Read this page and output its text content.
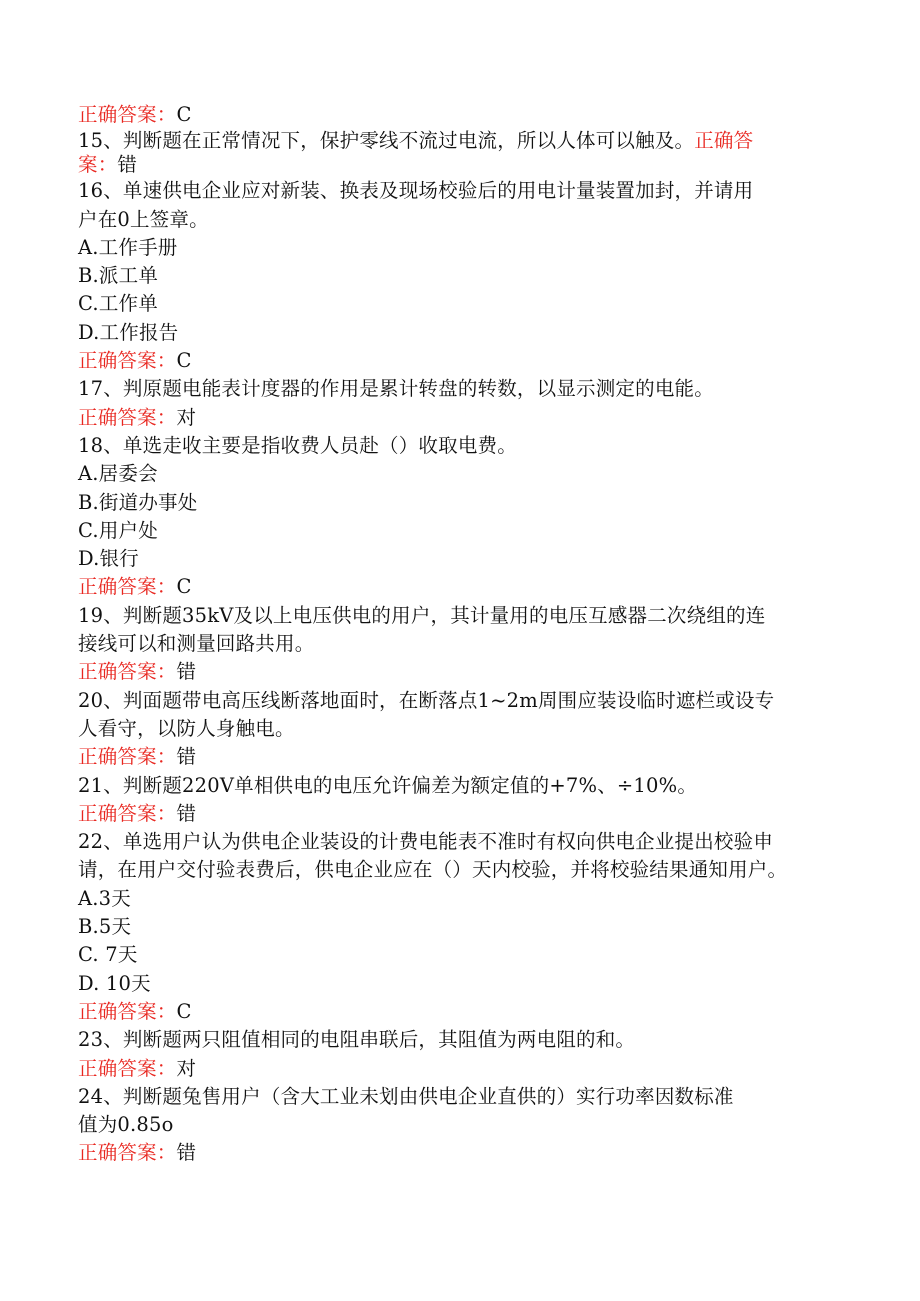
正确答案：C
15、判断题在正常情况下，保护零线不流过电流，所以人体可以触及。正确答
案：错
16、单速供电企业应对新装、换表及现场校验后的用电计量装置加封，并请用
户在0上签章。
A.工作手册
B.派工单
C.工作单
D.工作报告
正确答案：C
17、判原题电能表计度器的作用是累计转盘的转数，以显示测定的电能。
正确答案：对
18、单选走收主要是指收费人员赴（）收取电费。
A.居委会
B.街道办事处
C.用户处
D.银行
正确答案：C
19、判断题35kV及以上电压供电的用户，其计量用的电压互感器二次绕组的连
接线可以和测量回路共用。
正确答案：错
20、判面题带电高压线断落地面时，在断落点1~2m周围应装设临时遮栏或设专
人看守，以防人身触电。
正确答案：错
21、判断题220V单相供电的电压允许偏差为额定值的+7%、÷10%。
正确答案：错
22、单选用户认为供电企业装设的计费电能表不准时有权向供电企业提出校验申
请，在用户交付验表费后，供电企业应在（）天内校验，并将校验结果通知用户。
A.3天
B.5天
C. 7天
D. 10天
正确答案：C
23、判断题两只阻值相同的电阻串联后，其阻值为两电阻的和。
正确答案：对
24、判断题兔售用户（含大工业未划由供电企业直供的）实行功率因数标准
值为0.85o
正确答案：错
